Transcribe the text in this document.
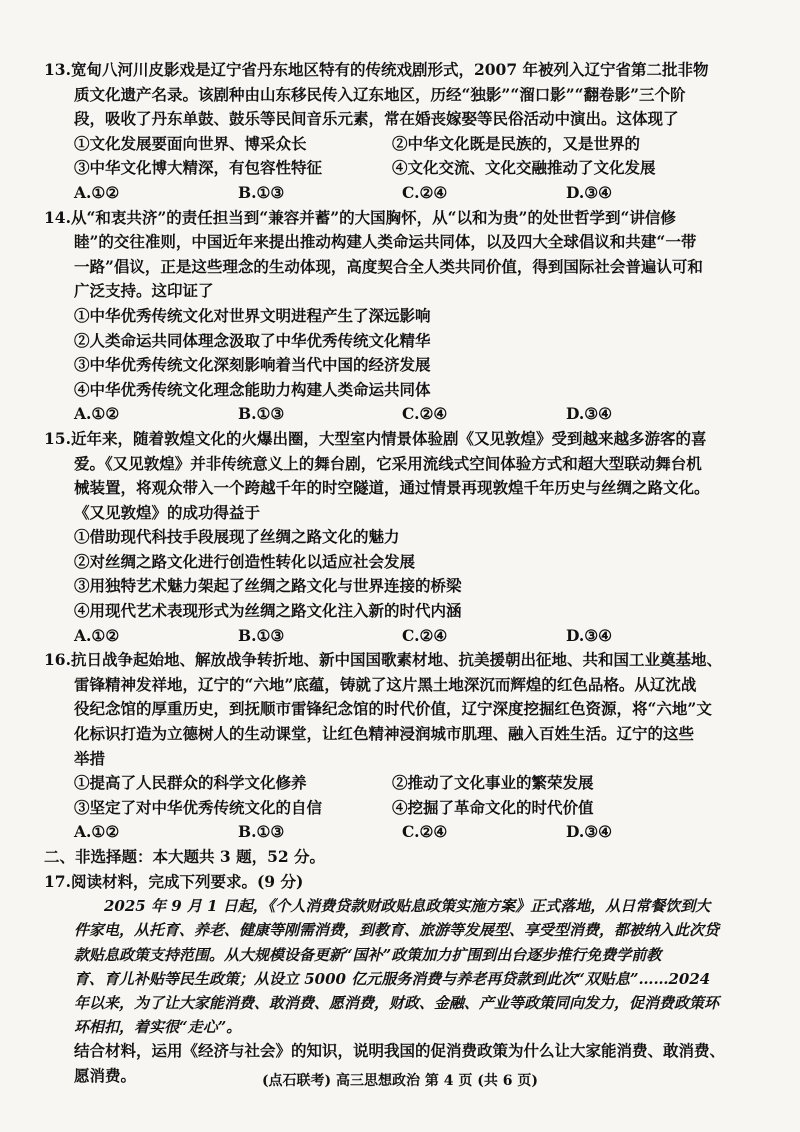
13.宽甸八河川皮影戏是辽宁省丹东地区特有的传统戏剧形式，2007 年被列入辽宁省第二批非物
质文化遗产名录。该剧种由山东移民传入辽东地区，历经“独影”“溜口影”“翻卷影”三个阶
段，吸收了丹东单鼓、鼓乐等民间音乐元素，常在婚丧嫁娶等民俗活动中演出。这体现了
①文化发展要面向世界、博采众长	②中华文化既是民族的，又是世界的
③中华文化博大精深，有包容性特征	④文化交流、文化交融推动了文化发展
A.①②	B.①③	C.②④	D.③④
14.从“和衷共济”的责任担当到“兼容并蓄”的大国胸怀，从“以和为贵”的处世哲学到“讲信修
睦”的交往准则，中国近年来提出推动构建人类命运共同体，以及四大全球倡议和共建“一带
一路”倡议，正是这些理念的生动体现，高度契合全人类共同价值，得到国际社会普遍认可和
广泛支持。这印证了
①中华优秀传统文化对世界文明进程产生了深远影响
②人类命运共同体理念汲取了中华优秀传统文化精华
③中华优秀传统文化深刻影响着当代中国的经济发展
④中华优秀传统文化理念能助力构建人类命运共同体
A.①②	B.①③	C.②④	D.③④
15.近年来，随着敦煌文化的火爆出圈，大型室内情景体验剧《又见敦煌》受到越来越多游客的喜
爱。《又见敦煌》并非传统意义上的舞台剧，它采用流线式空间体验方式和超大型联动舞台机
械装置，将观众带入一个跨越千年的时空隧道，通过情景再现敦煌千年历史与丝绸之路文化。
《又见敦煌》的成功得益于
①借助现代科技手段展现了丝绸之路文化的魅力
②对丝绸之路文化进行创造性转化以适应社会发展
③用独特艺术魅力架起了丝绸之路文化与世界连接的桥梁
④用现代艺术表现形式为丝绸之路文化注入新的时代内涵
A.①②	B.①③	C.②④	D.③④
16.抗日战争起始地、解放战争转折地、新中国国歌素材地、抗美援朝出征地、共和国工业奠基地、
雷锋精神发祥地，辽宁的“六地”底蕴，铸就了这片黑土地深沉而辉煌的红色品格。从辽沈战
役纪念馆的厚重历史，到抚顺市雷锋纪念馆的时代价值，辽宁深度挖掘红色资源，将“六地”文
化标识打造为立德树人的生动课堂，让红色精神浸润城市肌理、融入百姓生活。辽宁的这些
举措
①提高了人民群众的科学文化修养	②推动了文化事业的繁荣发展
③坚定了对中华优秀传统文化的自信	④挖掘了革命文化的时代价值
A.①②	B.①③	C.②④	D.③④
二、非选择题：本大题共 3 题，52 分。
17.阅读材料，完成下列要求。(9 分)
2025 年 9 月 1 日起，《个人消费贷款财政贴息政策实施方案》正式落地，从日常餐饮到大
件家电，从托育、养老、健康等刚需消费，到教育、旅游等发展型、享受型消费，都被纳入此次贷
款贴息政策支持范围。从大规模设备更新“国补”政策加力扩围到出台逐步推行免费学前教
育、育儿补贴等民生政策；从设立 5000 亿元服务消费与养老再贷款到此次“双贴息”……2024
年以来，为了让大家能消费、敢消费、愿消费，财政、金融、产业等政策同向发力，促消费政策环
环相扣，着实很“走心”。
结合材料，运用《经济与社会》的知识，说明我国的促消费政策为什么让大家能消费、敢消费、
愿消费。	(点石联考) 高三思想政治 第 4 页 (共 6 页)
